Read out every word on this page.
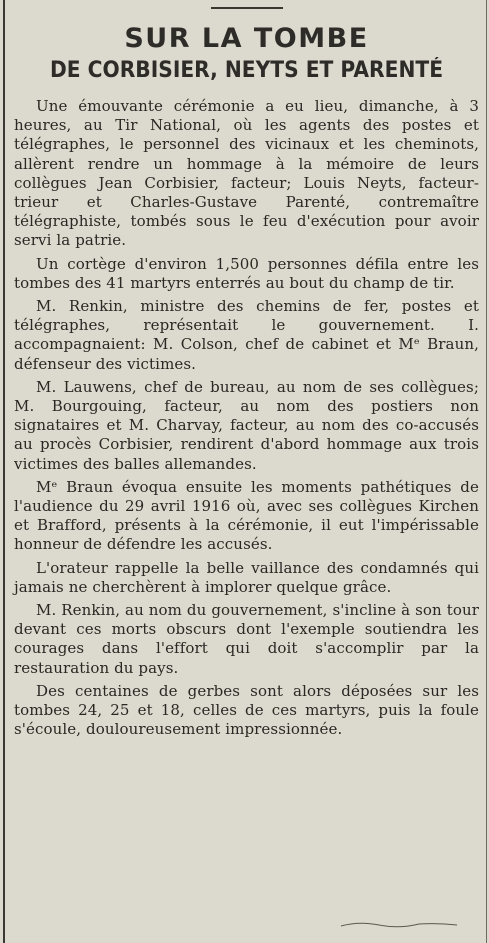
SUR LA TOMBE
DE CORBISIER, NEYTS ET PARENTÉ

Une émouvante cérémonie a eu lieu, dimanche, à 3 heures, au Tir National, où les agents des postes et télégraphes, le personnel des vicinaux et les cheminots, allèrent rendre un hommage à la mémoire de leurs collègues Jean Corbisier, facteur; Louis Neyts, facteur-trieur et Charles-Gustave Parenté, contremaître télégraphiste, tombés sous le feu d'exécution pour avoir servi la patrie.

Un cortège d'environ 1,500 personnes défila entre les tombes des 41 martyrs enterrés au bout du champ de tir.

M. Renkin, ministre des chemins de fer, postes et télégraphes, représentait le gouvernement. I. accompagnaient: M. Colson, chef de cabinet et Mᵉ Braun, défenseur des victimes.

M. Lauwens, chef de bureau, au nom de ses collègues; M. Bourgouing, facteur, au nom des postiers non signataires et M. Charvay, facteur, au nom des co-accusés au procès Corbisier, rendirent d'abord hommage aux trois victimes des balles allemandes.

Mᵉ Braun évoqua ensuite les moments pathétiques de l'audience du 29 avril 1916 où, avec ses collègues Kirchen et Brafford, présents à la cérémonie, il eut l'impérissable honneur de défendre les accusés.

L'orateur rappelle la belle vaillance des condamnés qui jamais ne cherchèrent à implorer quelque grâce.

M. Renkin, au nom du gouvernement, s'incline à son tour devant ces morts obscurs dont l'exemple soutiendra les courages dans l'effort qui doit s'accomplir par la restauration du pays.

Des centaines de gerbes sont alors déposées sur les tombes 24, 25 et 18, celles de ces martyrs, puis la foule s'écoule, douloureusement impressionnée.
